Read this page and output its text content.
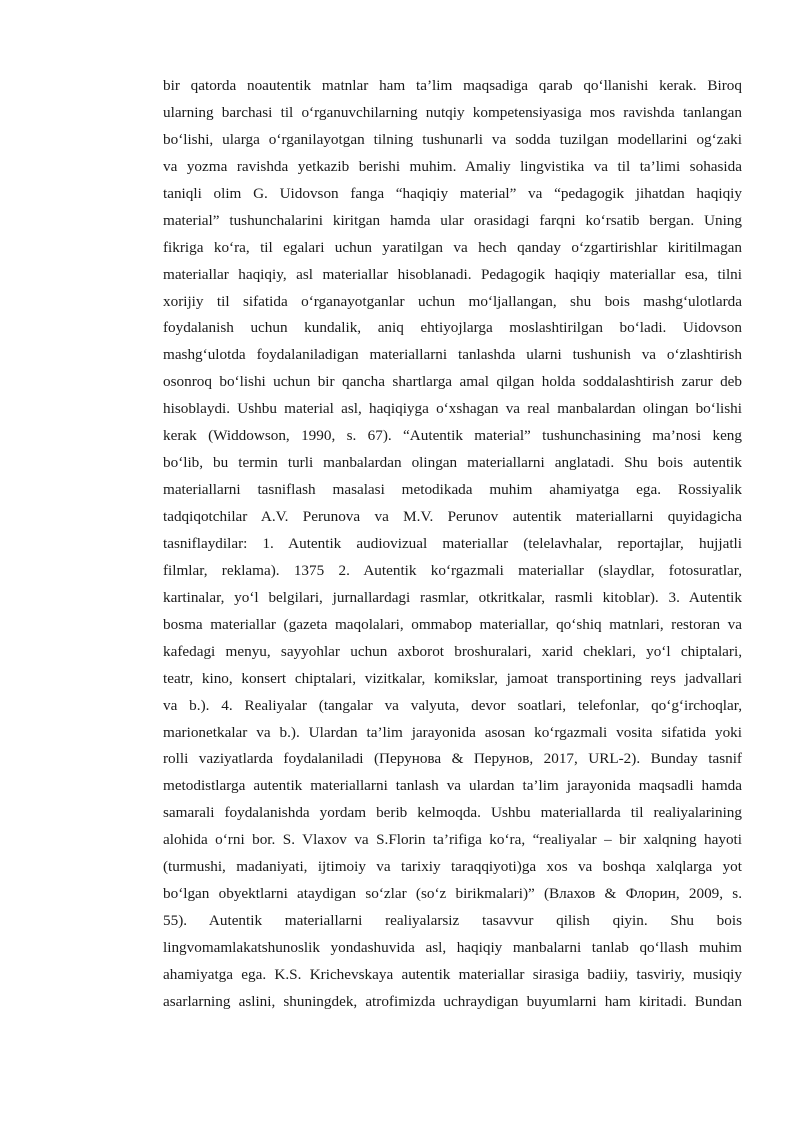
bir qatorda noautentik matnlar ham ta’lim maqsadiga qarab qo‘llanishi kerak. Biroq
ularning barchasi til o‘rganuvchilarning nutqiy kompetensiyasiga mos ravishda tanlangan
bo‘lishi, ularga o‘rganilayotgan tilning tushunarli va sodda tuzilgan modellarini og‘zaki
va yozma ravishda yetkazib berishi muhim. Amaliy lingvistika va til ta’limi sohasida
taniqli olim G. Uidovson fanga “haqiqiy material” va “pedagogik jihatdan haqiqiy
material” tushunchalarini kiritgan hamda ular orasidagi farqni ko‘rsatib bergan. Uning
fikriga ko‘ra, til egalari uchun yaratilgan va hech qanday o‘zgartirishlar kiritilmagan
materiallar haqiqiy, asl materiallar hisoblanadi. Pedagogik haqiqiy materiallar esa, tilni
xorijiy til sifatida o‘rganayotganlar uchun mo‘ljallangan, shu bois mashg‘ulotlarda
foydalanish uchun kundalik, aniq ehtiyojlarga moslashtirilgan bo‘ladi. Uidovson
mashg‘ulotda foydalaniladigan materiallarni tanlashda ularni tushunish va o‘zlashtirish
osonroq bo‘lishi uchun bir qancha shartlarga amal qilgan holda soddalashtirish zarur deb
hisoblaydi. Ushbu material asl, haqiqiyga o‘xshagan va real manbalardan olingan bo‘lishi
kerak (Widdowson, 1990, s. 67). “Autentik material” tushunchasining ma’nosi keng
bo‘lib, bu termin turli manbalardan olingan materiallarni anglatadi. Shu bois autentik
materiallarni tasniflash masalasi metodikada muhim ahamiyatga ega. Rossiyalik
tadqiqotchilar A.V. Perunova va M.V. Perunov autentik materiallarni quyidagicha
tasniflaydilar: 1. Autentik audiovizual materiallar (telelavhalar, reportajlar, hujjatli
filmlar, reklama). 1375 2. Autentik ko‘rgazmali materiallar (slaydlar, fotosuratlar,
kartinalar, yo‘l belgilari, jurnallardagi rasmlar, otkritkalar, rasmli kitoblar). 3. Autentik
bosma materiallar (gazeta maqolalari, ommabop materiallar, qo‘shiq matnlari, restoran va
kafedagi menyu, sayyohlar uchun axborot broshuralari, xarid cheklari, yo‘l chiptalari,
teatr, kino, konsert chiptalari, vizitkalar, komikslar, jamoat transportining reys jadvallari
va b.). 4. Realiyalar (tangalar va valyuta, devor soatlari, telefonlar, qo‘g‘irchoqlar,
marionetkalar va b.). Ulardan ta’lim jarayonida asosan ko‘rgazmali vosita sifatida yoki
rolli vaziyatlarda foydalaniladi (Перунова & Перунов, 2017, URL-2). Bunday tasnif
metodistlarga autentik materiallarni tanlash va ulardan ta’lim jarayonida maqsadli hamda
samarali foydalanishda yordam berib kelmoqda. Ushbu materiallarda til realiyalarining
alohida o‘rni bor. S. Vlaxov va S.Florin ta’rifiga ko‘ra, “realiyalar – bir xalqning hayoti
(turmushi, madaniyati, ijtimoiy va tarixiy taraqqiyoti)ga xos va boshqa xalqlarga yot
bo‘lgan obyektlarni ataydigan so‘zlar (so‘z birikmalari)” (Влахов & Флорин, 2009, s.
55). Autentik materiallarni realiyalarsiz tasavvur qilish qiyin. Shu bois
lingvomamlakatshunoslik yondashuvida asl, haqiqiy manbalarni tanlab qo‘llash muhim
ahamiyatga ega. K.S. Krichevskaya autentik materiallar sirasiga badiiy, tasviriy, musiqiy
asarlarning aslini, shuningdek, atrofimizda uchraydigan buyumlarni ham kiritadi. Bundan
